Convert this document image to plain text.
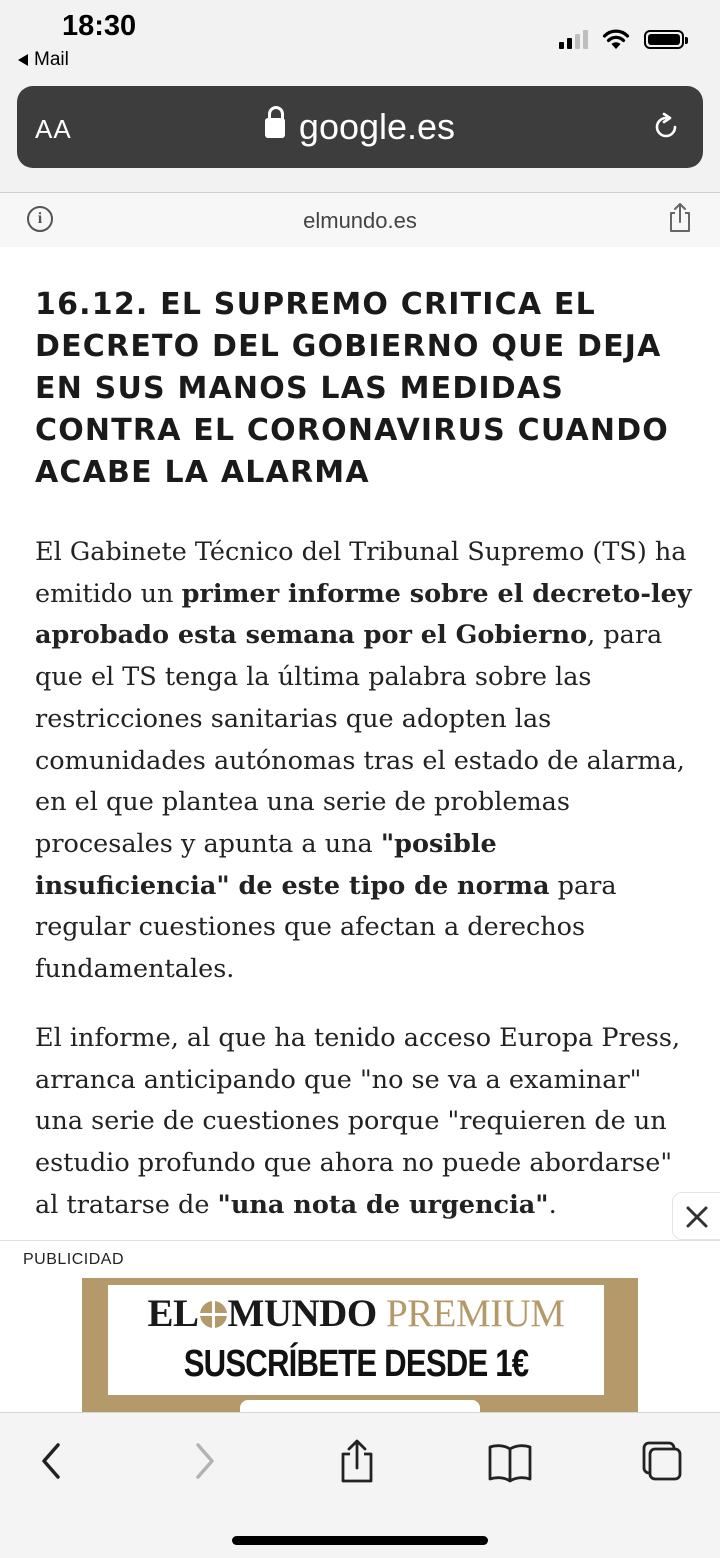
18:30
Mail
AA	google.es
i	elmundo.es
16.12. EL SUPREMO CRITICA EL DECRETO DEL GOBIERNO QUE DEJA EN SUS MANOS LAS MEDIDAS CONTRA EL CORONAVIRUS CUANDO ACABE LA ALARMA

El Gabinete Técnico del Tribunal Supremo (TS) ha emitido un primer informe sobre el decreto-ley aprobado esta semana por el Gobierno, para que el TS tenga la última palabra sobre las restricciones sanitarias que adopten las comunidades autónomas tras el estado de alarma, en el que plantea una serie de problemas procesales y apunta a una "posible insuficiencia" de este tipo de norma para regular cuestiones que afectan a derechos fundamentales.

El informe, al que ha tenido acceso Europa Press, arranca anticipando que "no se va a examinar" una serie de cuestiones porque "requieren de un estudio profundo que ahora no puede abordarse" al tratarse de "una nota de urgencia".

PUBLICIDAD
EL MUNDO PREMIUM
SUSCRÍBETE DESDE 1€
